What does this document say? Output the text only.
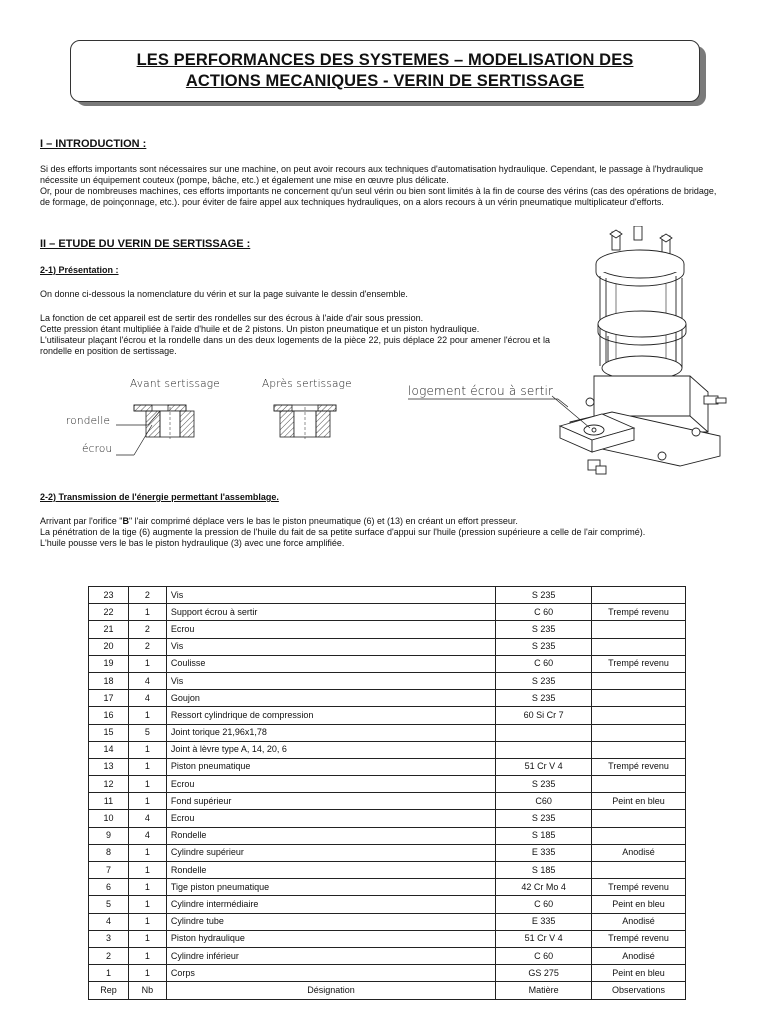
LES PERFORMANCES DES SYSTEMES – MODELISATION DES
ACTIONS MECANIQUES - VERIN DE SERTISSAGE
I – INTRODUCTION :
Si des efforts importants sont nécessaires sur une machine, on peut avoir recours aux techniques d'automatisation hydraulique. Cependant, le passage à l'hydraulique nécessite un équipement couteux (pompe, bâche, etc.) et également une mise en œuvre plus délicate.
Or, pour de nombreuses machines, ces efforts importants ne concernent qu'un seul vérin ou bien sont limités à la fin de course des vérins (cas des opérations de bridage, de formage, de poinçonnage, etc.). pour éviter de faire appel aux techniques hydrauliques, on a alors recours à un vérin pneumatique multiplicateur d'efforts.
II – ETUDE DU VERIN DE SERTISSAGE :
2-1) Présentation :
On donne ci-dessous la nomenclature du vérin et sur la page suivante le dessin d'ensemble.
La fonction de cet appareil est de sertir des rondelles sur des écrous à l'aide d'air sous pression.
Cette pression étant multipliée à l'aide d'huile et de 2 pistons. Un piston pneumatique et un piston hydraulique.
L'utilisateur plaçant l'écrou et la rondelle dans un des deux logements de la pièce 22, puis déplace 22 pour amener l'écrou et la rondelle en position de sertissage.
Avant sertissage	Après sertissage
rondelle
écrou
logement écrou à sertir
2-2) Transmission de l'énergie permettant l'assemblage.
Arrivant par l'orifice "B" l'air comprimé déplace vers le bas le piston pneumatique (6) et (13) en créant un effort presseur.
La pénétration de la tige (6) augmente la pression de l'huile du fait de sa petite surface d'appui sur l'huile (pression supérieure a celle de l'air comprimé).
L'huile pousse vers le bas le piston hydraulique (3) avec une force amplifiée.
23	2	Vis	S 235	
22	1	Support écrou à sertir	C 60	Trempé revenu
21	2	Ecrou	S 235	
20	2	Vis	S 235	
19	1	Coulisse	C 60	Trempé revenu
18	4	Vis	S 235	
17	4	Goujon	S 235	
16	1	Ressort cylindrique de compression	60 Si Cr 7	
15	5	Joint torique 21,96x1,78		
14	1	Joint à lèvre type A, 14, 20, 6		
13	1	Piston pneumatique	51 Cr V 4	Trempé revenu
12	1	Ecrou	S 235	
11	1	Fond supérieur	C60	Peint en bleu
10	4	Ecrou	S 235	
9	4	Rondelle	S 185	
8	1	Cylindre supérieur	E 335	Anodisé
7	1	Rondelle	S 185	
6	1	Tige piston pneumatique	42 Cr Mo 4	Trempé revenu
5	1	Cylindre intermédiaire	C 60	Peint en bleu
4	1	Cylindre tube	E 335	Anodisé
3	1	Piston hydraulique	51 Cr V 4	Trempé revenu
2	1	Cylindre inférieur	C 60	Anodisé
1	1	Corps	GS 275	Peint en bleu
Rep	Nb	Désignation	Matière	Observations
